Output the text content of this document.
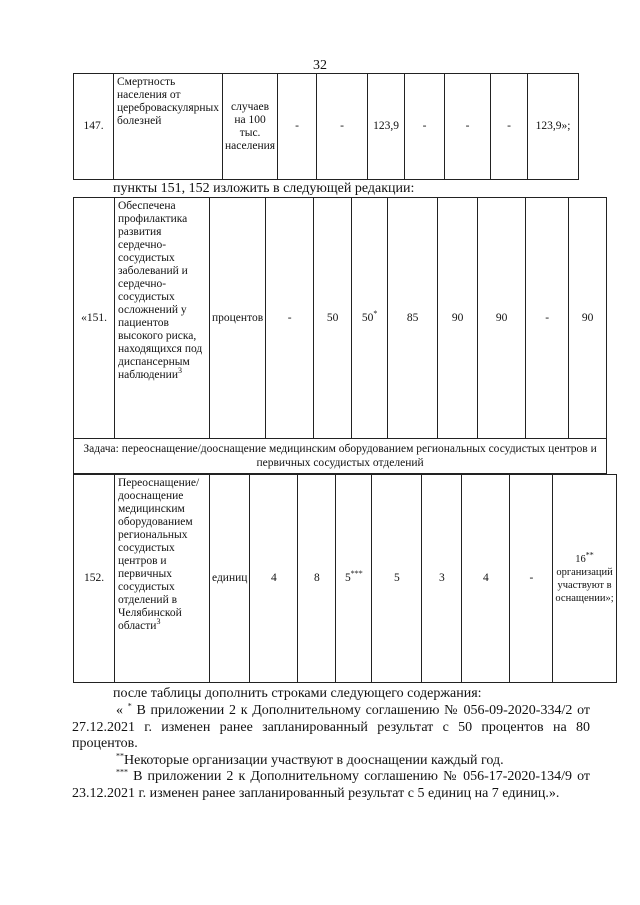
32
147.	Смертность населения от цереброваскулярных болезней	случаев на 100 тыс. населения	-	-	123,9	-	-	-	123,9»;
пункты 151, 152 изложить в следующей редакции:
«151.	Обеспечена профилактика развития сердечно-сосудистых заболеваний и сердечно-сосудистых осложнений у пациентов высокого риска, находящихся под диспансерным наблюдении$^3$	процентов	-	50	50*	85	90	90	-	90
Задача: переоснащение/дооснащение медицинским оборудованием региональных сосудистых центров и первичных сосудистых отделений
152.	Переоснащение/дооснащение медицинским оборудованием региональных сосудистых центров и первичных сосудистых отделений в Челябинской области$^3$	единиц	4	8	5***	5	3	4	-	16** организаций участвуют в оснащении»;
после таблицы дополнить строками следующего содержания:

« * В приложении 2 к Дополнительному соглашению № 056-09-2020-334/2 от 27.12.2021 г. изменен ранее запланированный результат с 50 процентов на 80 процентов.

**Некоторые организации участвуют в дооснащении каждый год.

*** В приложении 2 к Дополнительному соглашению № 056-17-2020-134/9 от 23.12.2021 г. изменен ранее запланированный результат с 5 единиц на 7 единиц.».
